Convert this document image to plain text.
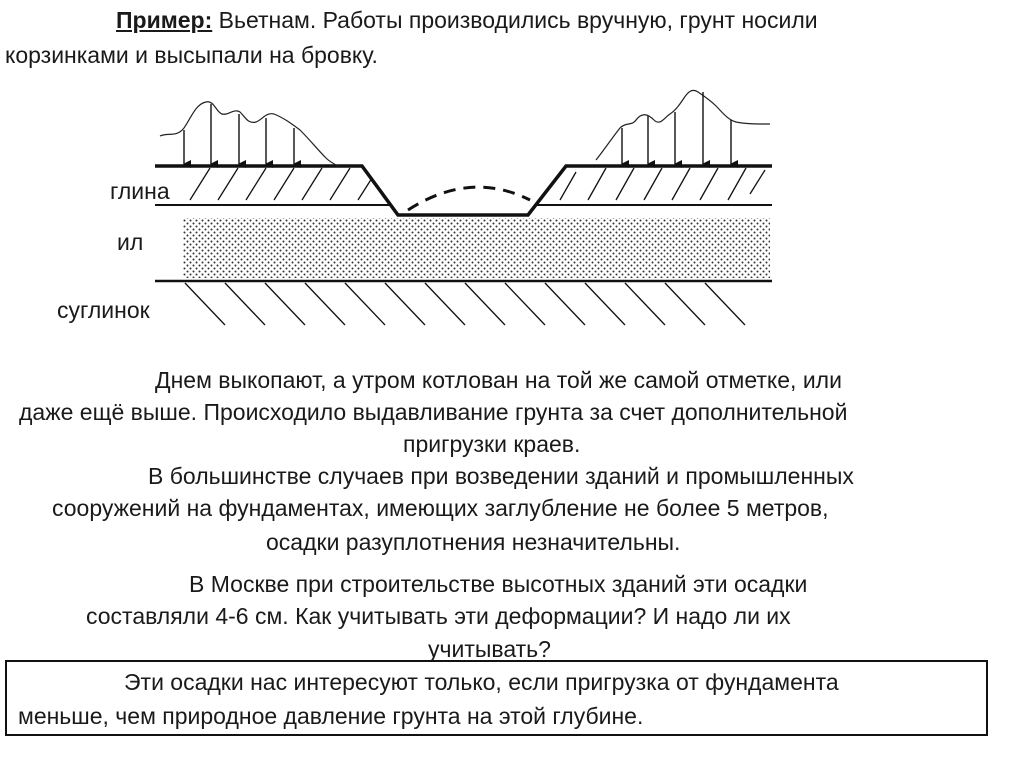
Пример: Вьетнам. Работы производились вручную, грунт носили
корзинками и высыпали на бровку.
глина
ил
суглинок
Днем выкопают, а утром котлован на той же самой отметке, или
даже ещё выше. Происходило выдавливание грунта за счет дополнительной
пригрузки краев.
В большинстве случаев при возведении зданий и промышленных
сооружений на фундаментах, имеющих заглубление не более 5 метров,
осадки разуплотнения незначительны.
В Москве при строительстве высотных зданий эти осадки
составляли 4-6 см. Как учитывать эти деформации? И надо ли их
учитывать?
Эти осадки нас интересуют только, если пригрузка от фундамента
меньше, чем природное давление грунта на этой глубине.
